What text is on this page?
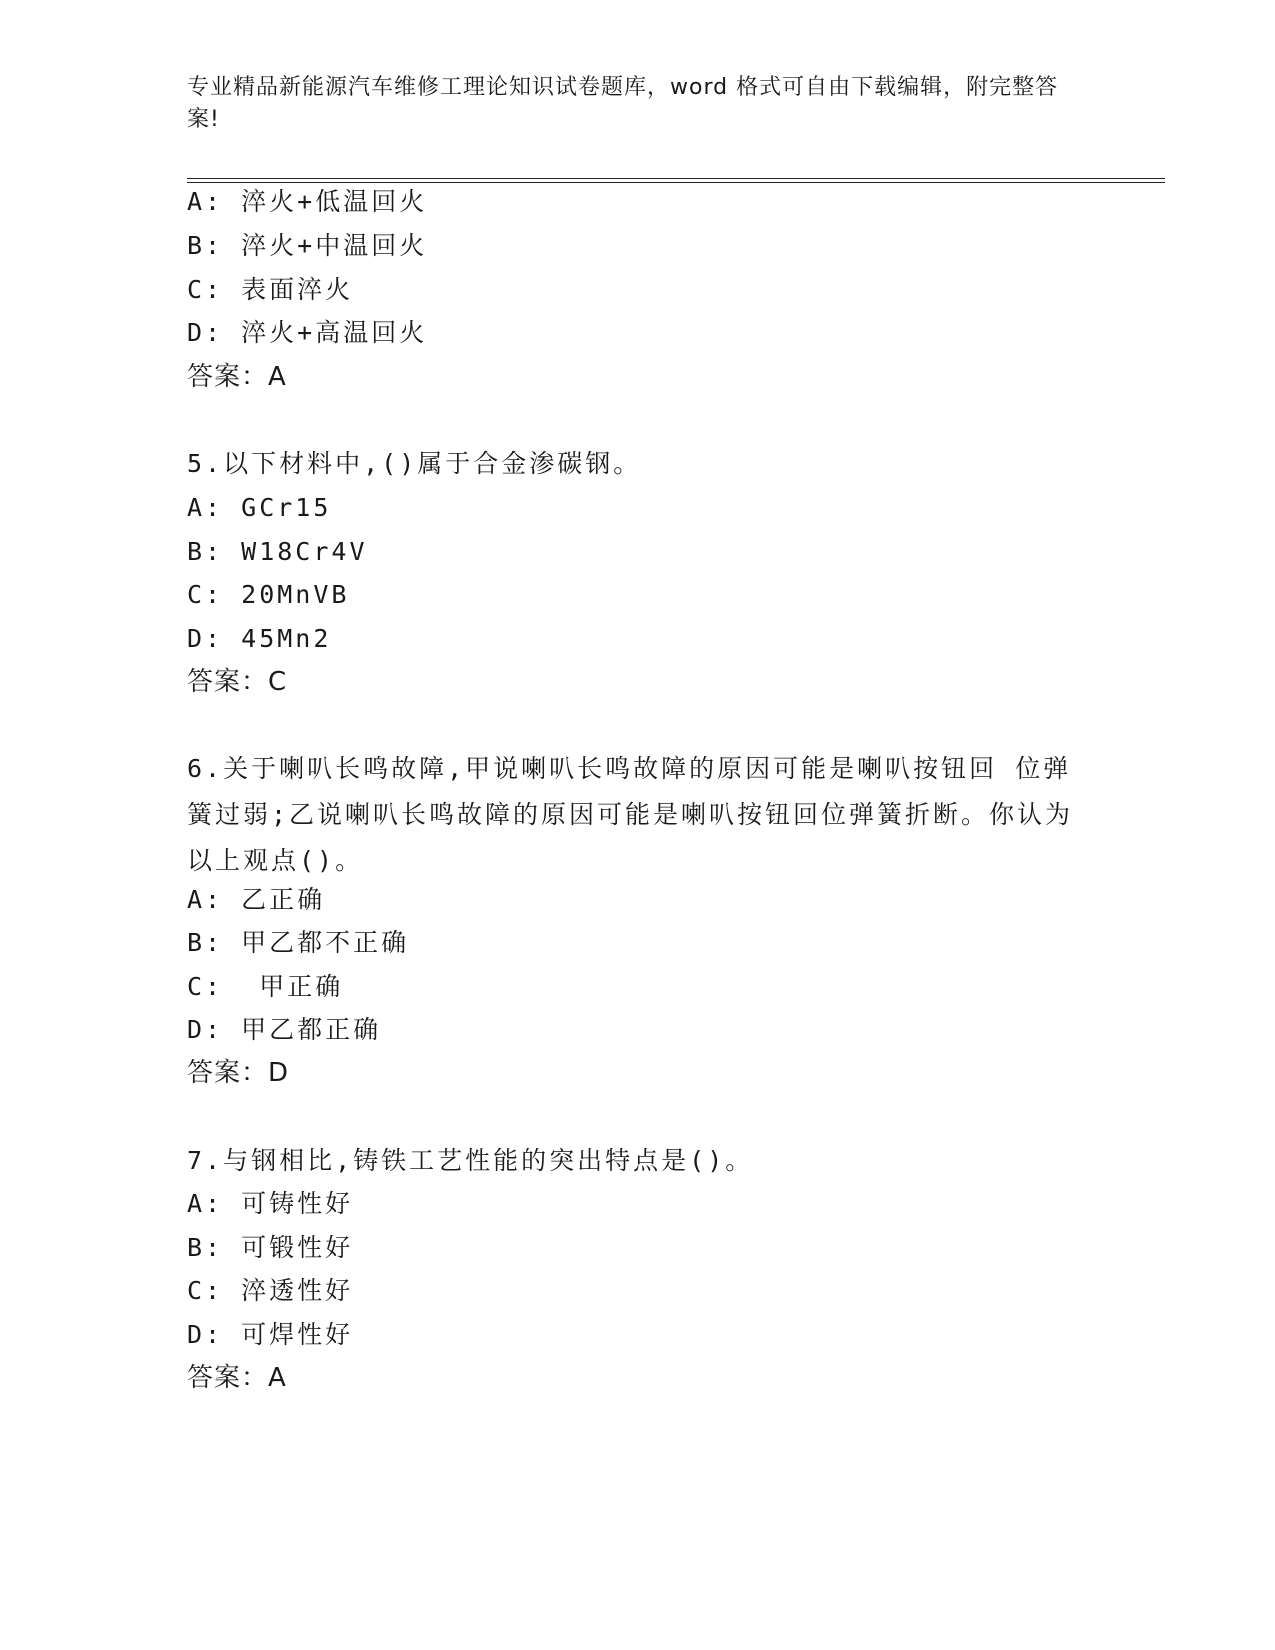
专业精品新能源汽车维修工理论知识试卷题库，word 格式可自由下载编辑，附完整答案!
A: 淬火+低温回火
B: 淬火+中温回火
C: 表面淬火
D: 淬火+高温回火
答案：A
5.以下材料中,()属于合金渗碳钢。
A: GCr15
B: W18Cr4V
C: 20MnVB
D: 45Mn2
答案：C
6.关于喇叭长鸣故障,甲说喇叭长鸣故障的原因可能是喇叭按钮回 位弹簧过弱;乙说喇叭长鸣故障的原因可能是喇叭按钮回位弹簧折断。你认为以上观点()。
A: 乙正确
B: 甲乙都不正确
C:  甲正确
D: 甲乙都正确
答案：D
7.与钢相比,铸铁工艺性能的突出特点是()。
A: 可铸性好
B: 可锻性好
C: 淬透性好
D: 可焊性好
答案：A
